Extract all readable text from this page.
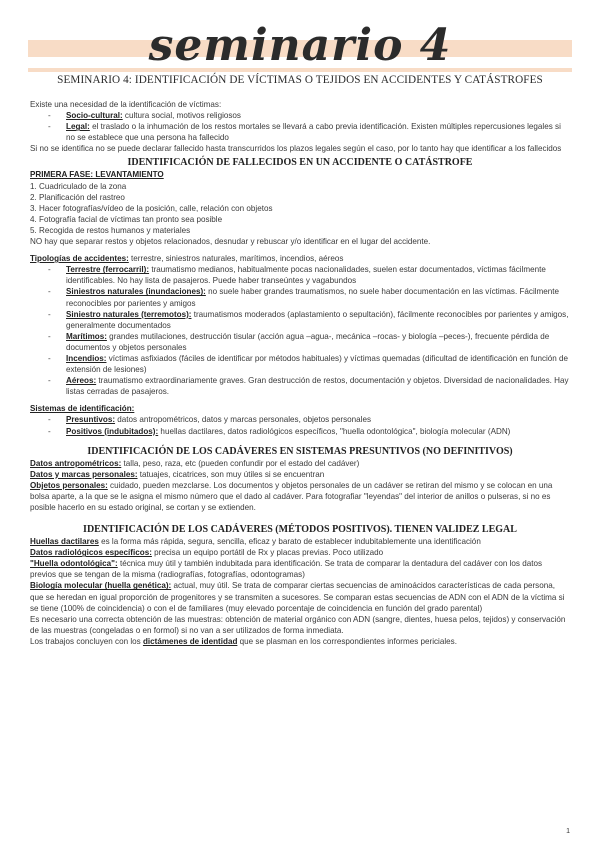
seminario 4
SEMINARIO 4: IDENTIFICACIÓN DE VÍCTIMAS O TEJIDOS EN ACCIDENTES Y CATÁSTROFES

Existe una necesidad de la identificación de víctimas:

-	Socio-cultural: cultura social, motivos religiosos
-	Legal: el traslado o la inhumación de los restos mortales se llevará a cabo previa identificación. Existen múltiples repercusiones legales si no se establece que una persona ha fallecido

Si no se identifica no se puede declarar fallecido hasta transcurridos los plazos legales según el caso, por lo tanto hay que identificar a los fallecidos

IDENTIFICACIÓN DE FALLECIDOS EN UN ACCIDENTE O CATÁSTROFE

PRIMERA FASE: LEVANTAMIENTO

1. Cuadriculado de la zona

2. Planificación del rastreo

3. Hacer fotografías/vídeo de la posición, calle, relación con objetos

4. Fotografía facial de víctimas tan pronto sea posible

5. Recogida de restos humanos y materiales

NO hay que separar restos y objetos relacionados, desnudar y rebuscar y/o identificar en el lugar del accidente.

Tipologías de accidentes: terrestre, siniestros naturales, marítimos, incendios, aéreos

-	Terrestre (ferrocarril): traumatismo medianos, habitualmente pocas nacionalidades, suelen estar documentados, víctimas fácilmente identificables. No hay lista de pasajeros. Puede haber transeúntes y vagabundos
-	Siniestros naturales (inundaciones): no suele haber grandes traumatismos, no suele haber documentación en las víctimas. Fácilmente reconocibles por parientes y amigos
-	Siniestro naturales (terremotos): traumatismos moderados (aplastamiento o sepultación), fácilmente reconocibles por parientes y amigos, generalmente documentados
-	Marítimos: grandes mutilaciones, destrucción tisular (acción agua –agua-, mecánica –rocas- y biología –peces-), frecuente pérdida de documentos y objetos personales
-	Incendios: víctimas asfixiados (fáciles de identificar por métodos habituales) y víctimas quemadas (dificultad de identificación en función de extensión de lesiones)
-	Aéreos: traumatismo extraordinariamente graves. Gran destrucción de restos, documentación y objetos. Diversidad de nacionalidades. Hay listas cerradas de pasajeros.

Sistemas de identificación:

-	Presuntivos: datos antropométricos, datos y marcas personales, objetos personales
-	Positivos (indubitados): huellas dactilares, datos radiológicos específicos, "huella odontológica", biología molecular (ADN)
IDENTIFICACIÓN DE LOS CADÁVERES EN SISTEMAS PRESUNTIVOS (NO DEFINITIVOS)

Datos antropométricos: talla, peso, raza, etc (pueden confundir por el estado del cadáver)

Datos y marcas personales: tatuajes, cicatrices, son muy útiles si se encuentran

Objetos personales: cuidado, pueden mezclarse. Los documentos y objetos personales de un cadáver se retiran del mismo y se colocan en una bolsa aparte, a la que se le asigna el mismo número que el dado al cadáver. Para fotografiar "leyendas" del interior de anillos o pulseras, si no es posible hacerlo en su estado original, se cortan y se extienden.

IDENTIFICACIÓN DE LOS CADÁVERES (MÉTODOS POSITIVOS). TIENEN VALIDEZ LEGAL

Huellas dactilares es la forma más rápida, segura, sencilla, eficaz y barato de establecer indubitablemente una identificación

Datos radiológicos específicos: precisa un equipo portátil de Rx y placas previas. Poco utilizado

"Huella odontológica": técnica muy útil y también indubitada para identificación. Se trata de comparar la dentadura del cadáver con los datos previos que se tengan de la misma (radiografías, fotografías, odontogramas)

Biología molecular (huella genética): actual, muy útil. Se trata de comparar ciertas secuencias de aminoácidos características de cada persona, que se heredan en igual proporción de progenitores y se transmiten a sucesores. Se comparan estas secuencias de ADN con el ADN de la víctima si se tiene (100% de coincidencia) o con el de familiares (muy elevado porcentaje de coincidencia en función del grado parental)

Es necesario una correcta obtención de las muestras: obtención de material orgánico con ADN (sangre, dientes, huesa pelos, tejidos) y conservación de las muestras (congeladas o en formol) si no van a ser utilizados de forma inmediata.

Los trabajos concluyen con los dictámenes de identidad que se plasman en los correspondientes informes periciales.

1
